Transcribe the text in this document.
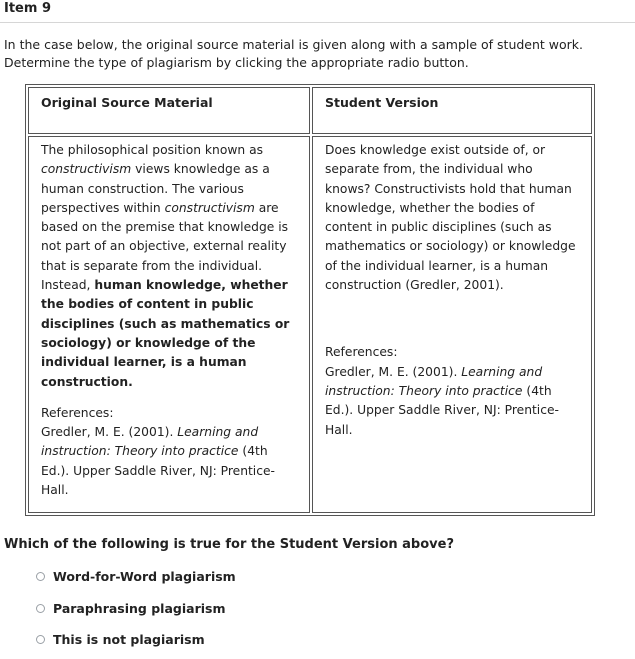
Item 9
In the case below, the original source material is given along with a sample of student work.
Determine the type of plagiarism by clicking the appropriate radio button.
Original Source Material	Student Version
The philosophical position known as
constructivism views knowledge as a
human construction. The various
perspectives within constructivism are
based on the premise that knowledge is
not part of an objective, external reality
that is separate from the individual.
Instead, human knowledge, whether
the bodies of content in public
disciplines (such as mathematics or
sociology) or knowledge of the
individual learner, is a human
construction.
References:
Gredler, M. E. (2001). Learning and
instruction: Theory into practice (4th
Ed.). Upper Saddle River, NJ: Prentice-
Hall.
Does knowledge exist outside of, or
separate from, the individual who
knows? Constructivists hold that human
knowledge, whether the bodies of
content in public disciplines (such as
mathematics or sociology) or knowledge
of the individual learner, is a human
construction (Gredler, 2001).
References:
Gredler, M. E. (2001). Learning and
instruction: Theory into practice (4th
Ed.). Upper Saddle River, NJ: Prentice-
Hall.
Which of the following is true for the Student Version above?
Word-for-Word plagiarism
Paraphrasing plagiarism
This is not plagiarism
